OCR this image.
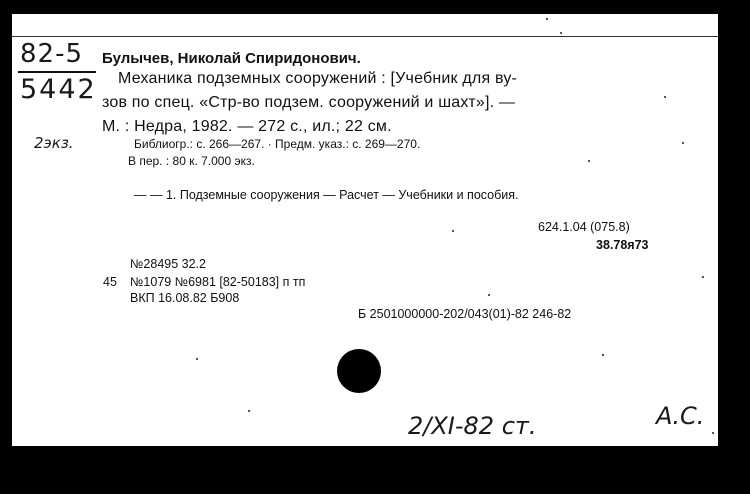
82-5
5442
2экз.
Булычев, Николай Спиридонович.
Механика подземных сооружений : [Учебник для ву-
зов по спец. «Стр-во подзем. сооружений и шахт»]. —
М. : Недра, 1982. — 272 с., ил.; 22 см.
Библиогр.: с. 266—267. · Предм. указ.: с. 269—270.
В пер. : 80 к. 7.000 экз.
— — 1. Подземные сооружения — Расчет — Учебники и пособия.
624.1.04 (075.8)
38.78я73
№28495 32.2
45 №1079 №6981 [82-50183] п тп
ВКП 16.08.82 Б908
Б 2501000000-202/043(01)-82 246-82
2/XI-82 ст.	А.С.
